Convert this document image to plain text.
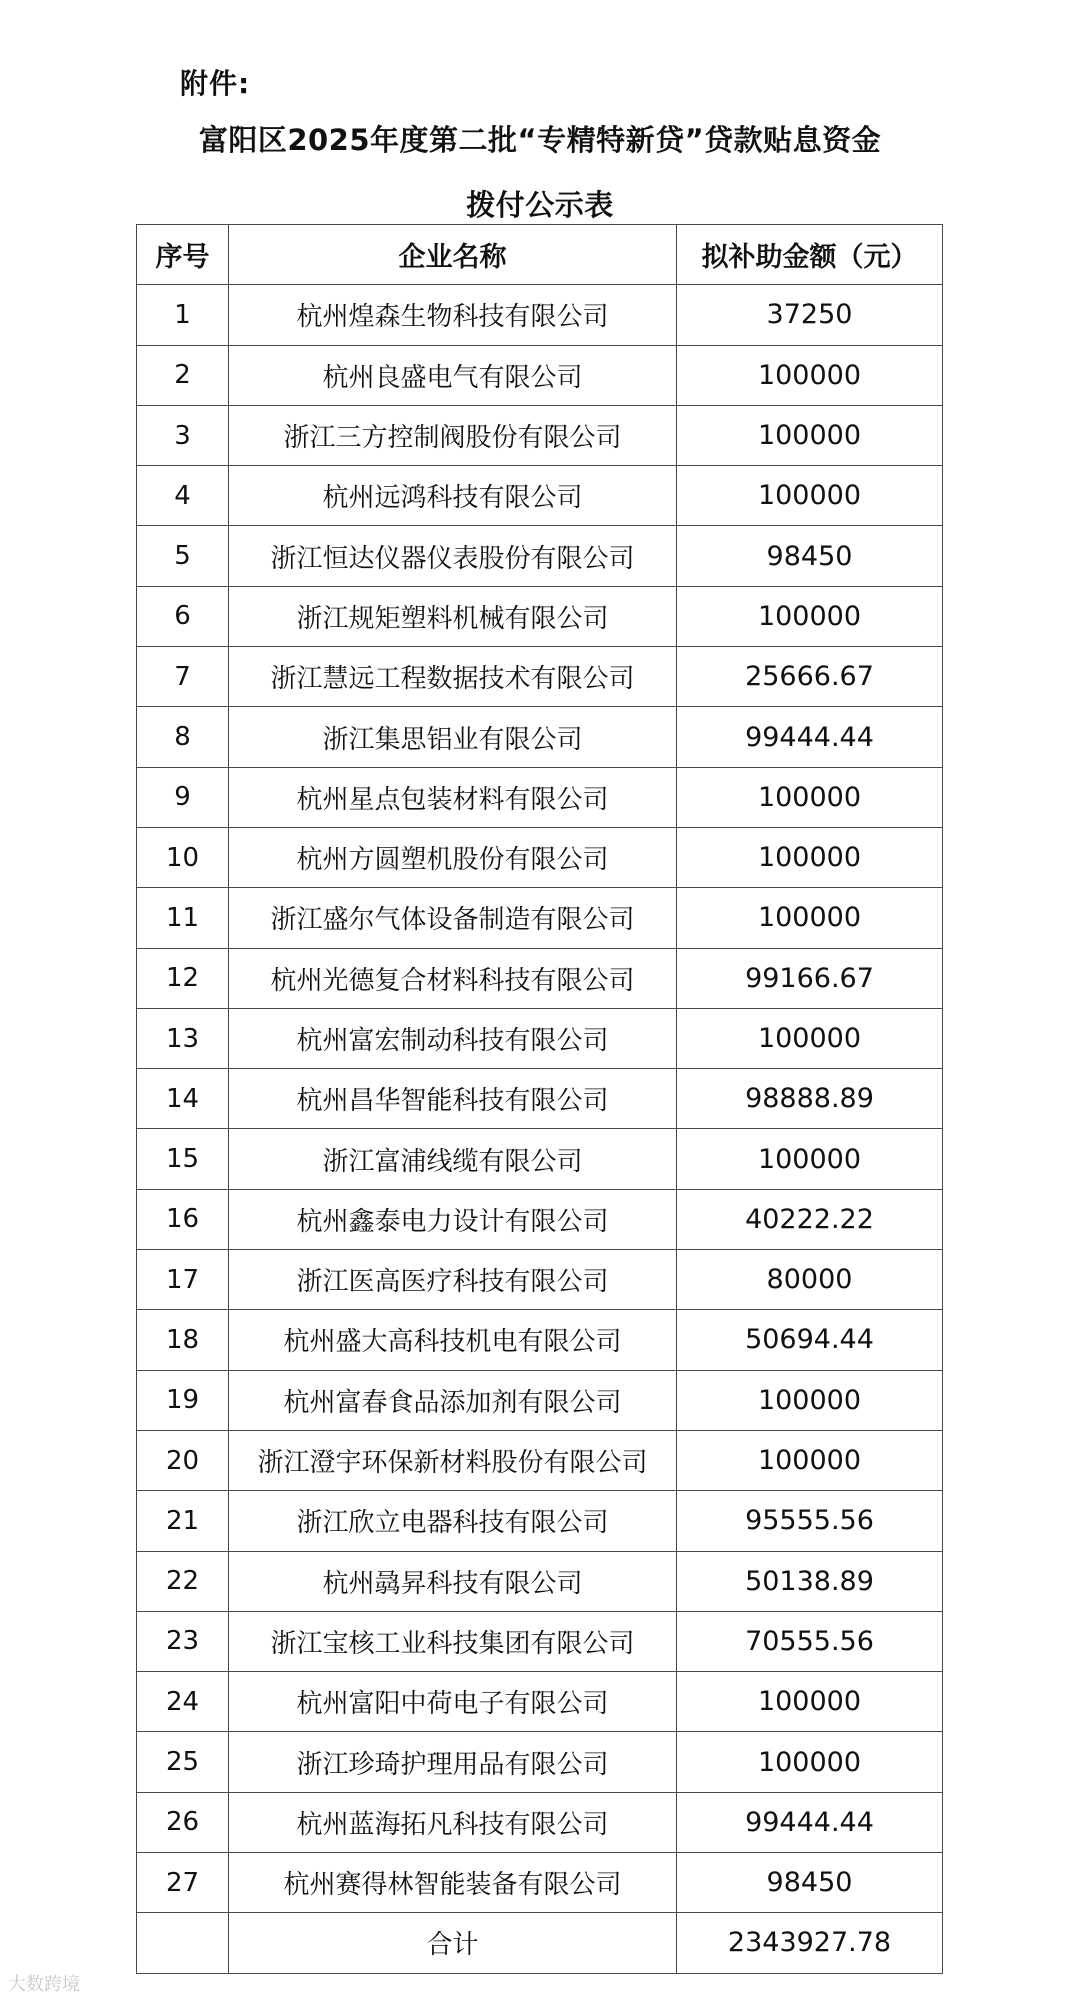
附件:
富阳区2025年度第二批“专精特新贷”贷款贴息资金
拨付公示表
序号	企业名称	拟补助金额（元）
1	杭州煌森生物科技有限公司	37250
2	杭州良盛电气有限公司	100000
3	浙江三方控制阀股份有限公司	100000
4	杭州远鸿科技有限公司	100000
5	浙江恒达仪器仪表股份有限公司	98450
6	浙江规矩塑料机械有限公司	100000
7	浙江慧远工程数据技术有限公司	25666.67
8	浙江集思铝业有限公司	99444.44
9	杭州星点包装材料有限公司	100000
10	杭州方圆塑机股份有限公司	100000
11	浙江盛尔气体设备制造有限公司	100000
12	杭州光德复合材料科技有限公司	99166.67
13	杭州富宏制动科技有限公司	100000
14	杭州昌华智能科技有限公司	98888.89
15	浙江富浦线缆有限公司	100000
16	杭州鑫泰电力设计有限公司	40222.22
17	浙江医高医疗科技有限公司	80000
18	杭州盛大高科技机电有限公司	50694.44
19	杭州富春食品添加剂有限公司	100000
20	浙江澄宇环保新材料股份有限公司	100000
21	浙江欣立电器科技有限公司	95555.56
22	杭州骉昇科技有限公司	50138.89
23	浙江宝核工业科技集团有限公司	70555.56
24	杭州富阳中荷电子有限公司	100000
25	浙江珍琦护理用品有限公司	100000
26	杭州蓝海拓凡科技有限公司	99444.44
27	杭州赛得林智能装备有限公司	98450
	合计	2343927.78
大数跨境
